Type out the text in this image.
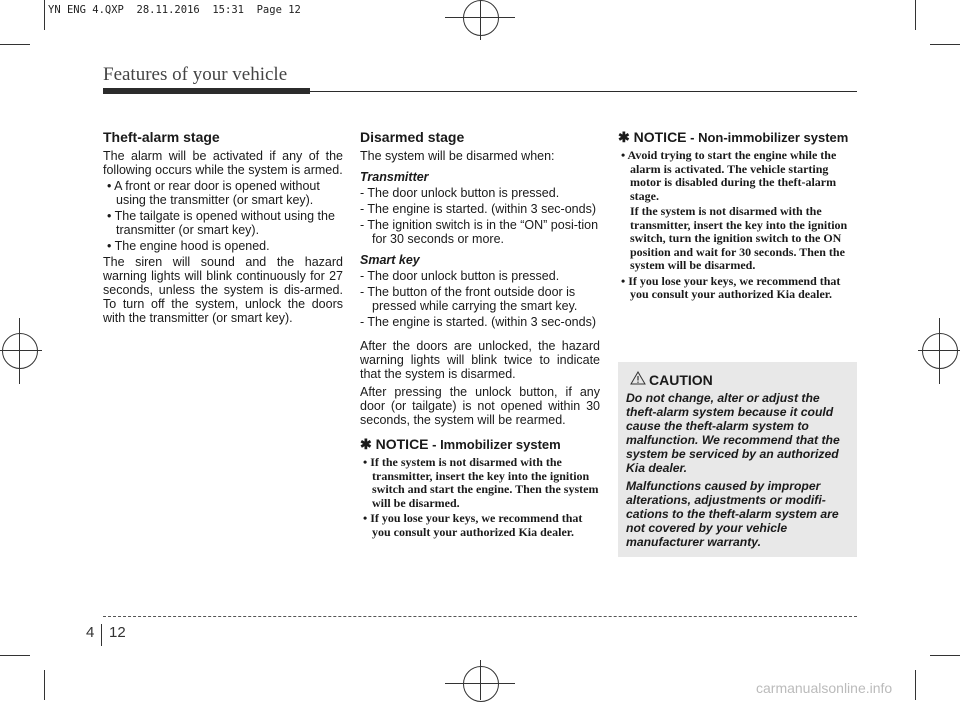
YN ENG 4.QXP  28.11.2016  15:31  Page 12
Features of your vehicle

Theft-alarm stage

The alarm will be activated if any of the following occurs while the system is armed.

• A front or rear door is opened without using the transmitter (or smart key).

• The tailgate is opened without using the transmitter (or smart key).

• The engine hood is opened.

The siren will sound and the hazard warning lights will blink continuously for 27 seconds, unless the system is dis-armed. To turn off the system, unlock the doors with the transmitter (or smart key).

Disarmed stage

The system will be disarmed when:

Transmitter

- The door unlock button is pressed.

- The engine is started. (within 3 sec-onds)

- The ignition switch is in the “ON” posi-tion for 30 seconds or more.

Smart key

- The door unlock button is pressed.

- The button of the front outside door is pressed while carrying the smart key.

- The engine is started. (within 3 sec-onds)

After the doors are unlocked, the hazard warning lights will blink twice to indicate that the system is disarmed.

After pressing the unlock button, if any door (or tailgate) is not opened within 30 seconds, the system will be rearmed.

✱ NOTICE - Immobilizer system

• If the system is not disarmed with the transmitter, insert the key into the ignition switch and start the engine. Then the system will be disarmed.

• If you lose your keys, we recommend that you consult your authorized Kia dealer.

✱ NOTICE - Non-immobilizer system

• Avoid trying to start the engine while the alarm is activated. The vehicle starting motor is disabled during the theft-alarm stage.

If the system is not disarmed with the transmitter, insert the key into the ignition switch, turn the ignition switch to the ON position and wait for 30 seconds. Then the system will be disarmed.

• If you lose your keys, we recommend that you consult your authorized Kia dealer.

CAUTION

Do not change, alter or adjust the theft-alarm system because it could cause the theft-alarm system to malfunction. We recommend that the system be serviced by an authorized Kia dealer.

Malfunctions caused by improper alterations, adjustments or modifi-cations to the theft-alarm system are not covered by your vehicle manufacturer warranty.

4 12
carmanualsonline.info
